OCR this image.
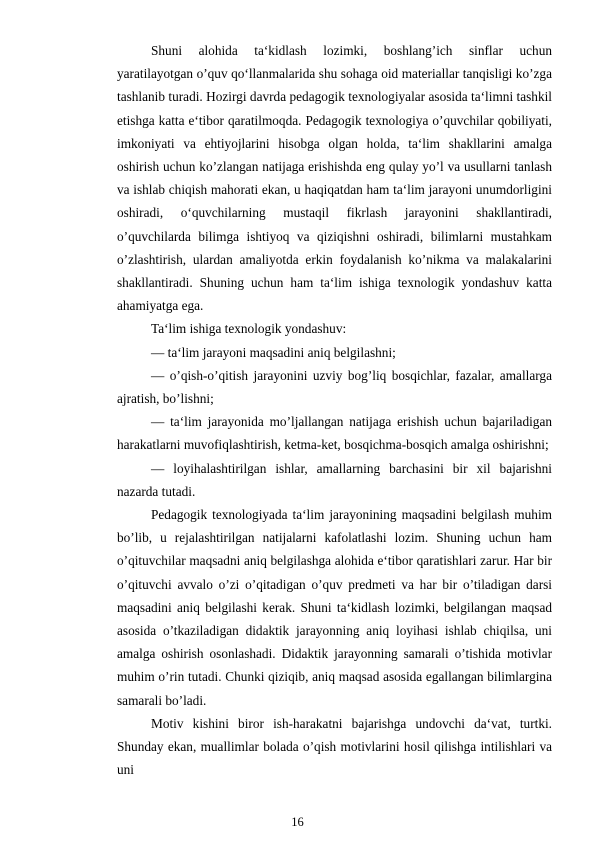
Shuni alohida ta‘kidlash lozimki, boshlang’ich sinflar uchun yaratilayotgan o’quv qo‘llanmalarida shu sohaga oid materiallar tanqisligi ko’zga tashlanib turadi. Hozirgi davrda pedagogik texnologiyalar asosida ta‘limni tashkil etishga katta e‘tibor qaratilmoqda. Pedagogik texnologiya o’quvchilar qobiliyati, imkoniyati va ehtiyojlarini hisobga olgan holda, ta‘lim shakllarini amalga oshirish uchun ko’zlangan natijaga erishishda eng qulay yo’l va usullarni tanlash va ishlab chiqish mahorati ekan, u haqiqatdan ham ta‘lim jarayoni unumdorligini oshiradi, o‘quvchilarning mustaqil fikrlash jarayonini shakllantiradi, o’quvchilarda bilimga ishtiyoq va qiziqishni oshiradi, bilimlarni mustahkam o’zlashtirish, ulardan amaliyotda erkin foydalanish ko’nikma va malakalarini shakllantiradi. Shuning uchun ham ta‘lim ishiga texnologik yondashuv katta ahamiyatga ega.

Ta‘lim ishiga texnologik yondashuv:

— ta‘lim jarayoni maqsadini aniq belgilashni;

— o’qish-o’qitish jarayonini uzviy bog’liq bosqichlar, fazalar, amallarga ajratish, bo’lishni;

— ta‘lim jarayonida mo’ljallangan natijaga erishish uchun bajariladigan harakatlarni muvofiqlashtirish, ketma-ket, bosqichma-bosqich amalga oshirishni;

— loyihalashtirilgan ishlar, amallarning barchasini bir xil bajarishni nazarda tutadi.

Pedagogik texnologiyada ta‘lim jarayonining maqsadini belgilash muhim bo’lib, u rejalashtirilgan natijalarni kafolatlashi lozim. Shuning uchun ham o’qituvchilar maqsadni aniq belgilashga alohida e‘tibor qaratishlari zarur. Har bir o’qituvchi avvalo o’zi o’qitadigan o’quv predmeti va har bir o’tiladigan darsi maqsadini aniq belgilashi kerak. Shuni ta‘kidlash lozimki, belgilangan maqsad asosida o’tkaziladigan didaktik jarayonning aniq loyihasi ishlab chiqilsa, uni amalga oshirish osonlashadi. Didaktik jarayonning samarali o’tishida motivlar muhim o’rin tutadi. Chunki qiziqib, aniq maqsad asosida egallangan bilimlargina samarali bo’ladi.

Motiv kishini biror ish-harakatni bajarishga undovchi da‘vat, turtki. Shunday ekan, muallimlar bolada o’qish motivlarini hosil qilishga intilishlari va uni

16
